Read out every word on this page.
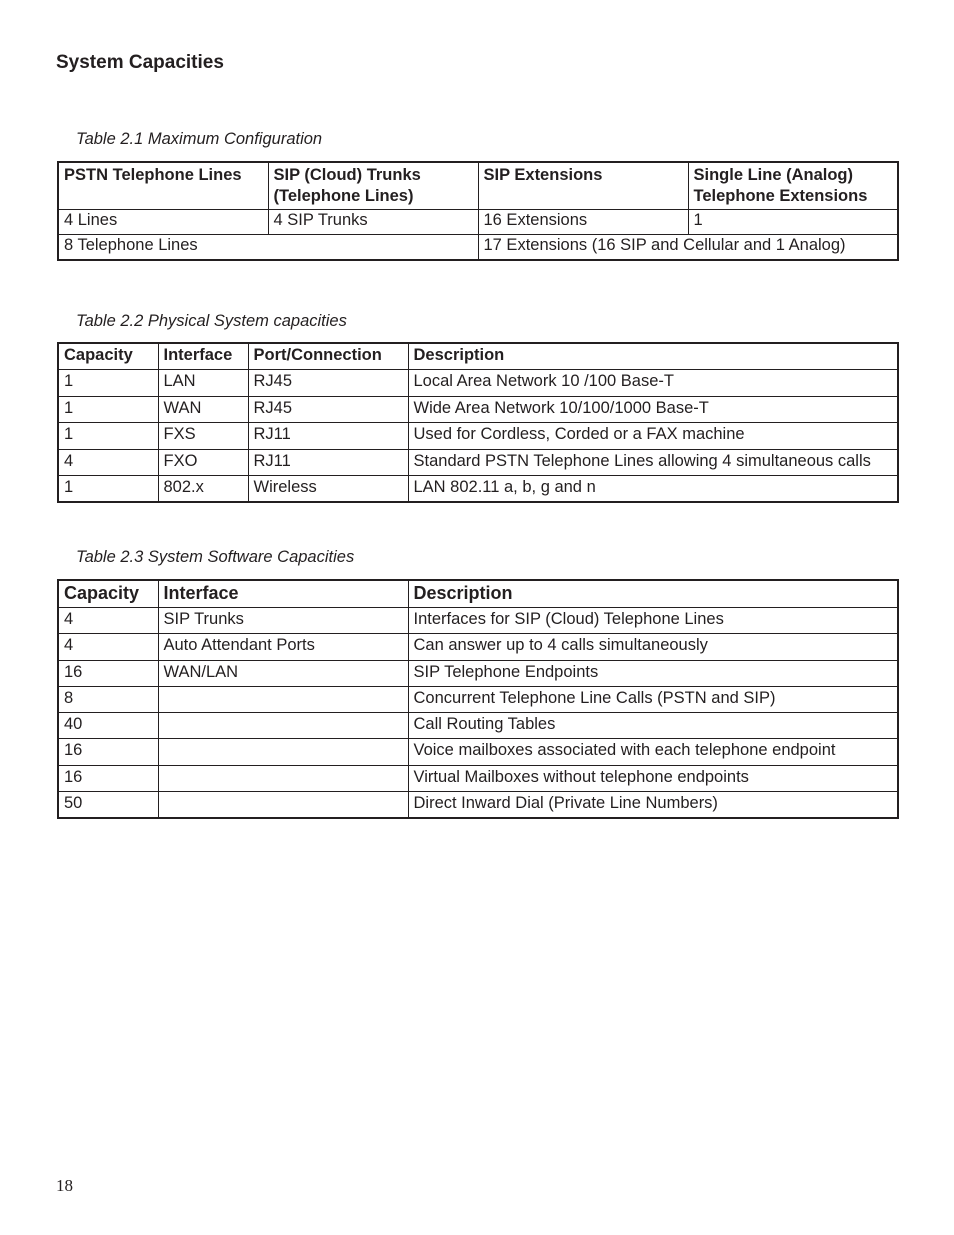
System Capacities
Table 2.1 Maximum Configuration
PSTN Telephone Lines	SIP (Cloud) Trunks (Telephone Lines)	SIP Extensions	Single Line (Analog) Telephone Extensions
4 Lines	4 SIP Trunks	16 Extensions	1
8 Telephone Lines		17 Extensions (16 SIP and Cellular and 1 Analog)	
Table 2.2 Physical System capacities
Capacity	Interface	Port/Connection	Description
1	LAN	RJ45	Local Area Network 10 /100 Base-T
1	WAN	RJ45	Wide Area Network 10/100/1000 Base-T
1	FXS	RJ11	Used for Cordless, Corded or a FAX machine
4	FXO	RJ11	Standard PSTN Telephone Lines allowing 4 simultaneous calls
1	802.x	Wireless	LAN 802.11 a, b, g and n
Table 2.3 System Software Capacities
Capacity	Interface	Description
4	SIP Trunks	Interfaces for SIP (Cloud) Telephone Lines
4	Auto Attendant Ports	Can answer up to 4 calls simultaneously
16	WAN/LAN	SIP Telephone Endpoints
8		Concurrent Telephone Line Calls (PSTN and SIP)
40		Call Routing Tables
16		Voice mailboxes associated with each telephone endpoint
16		Virtual Mailboxes without telephone endpoints
50		Direct Inward Dial (Private Line Numbers)
18
